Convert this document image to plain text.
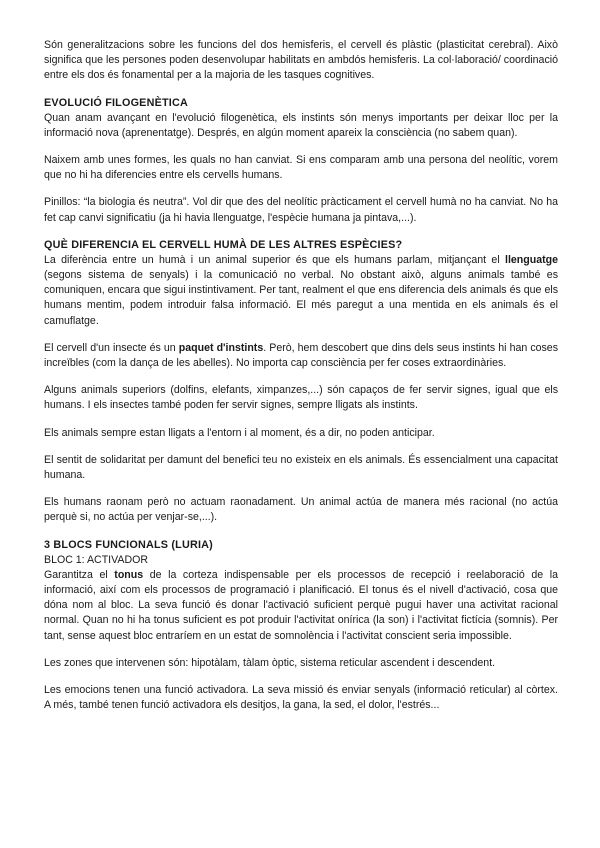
Són generalitzacions sobre les funcions del dos hemisferis, el cervell és plàstic (plasticitat cerebral). Això significa que les persones poden desenvolupar habilitats en ambdós hemisferis. La col·laboració/ coordinació entre els dos és fonamental per a la majoria de les tasques cognitives.

EVOLUCIÓ FILOGENÈTICA

Quan anam avançant en l'evolució filogenètica, els instints són menys importants per deixar lloc per la informació nova (aprenentatge). Després, en algún moment apareix la consciència (no sabem quan).

Naixem amb unes formes, les quals no han canviat. Si ens comparam amb una persona del neolític, vorem que no hi ha diferencies entre els cervells humans.

Pinillos: “la biologia és neutra”. Vol dir que des del neolític pràcticament el cervell humà no ha canviat. No ha fet cap canvi significatiu (ja hi havia llenguatge, l'espècie humana ja pintava,...).

QUÈ DIFERENCIA EL CERVELL HUMÀ DE LES ALTRES ESPÈCIES?

La diferència entre un humà i un animal superior és que els humans parlam, mitjançant el llenguatge (segons sistema de senyals) i la comunicació no verbal. No obstant això, alguns animals també es comuniquen, encara que sigui instintivament. Per tant, realment el que ens diferencia dels animals és que els humans mentim, podem introduir falsa informació. El més paregut a una mentida en els animals és el camuflatge.

El cervell d'un insecte és un paquet d'instints. Però, hem descobert que dins dels seus instints hi han coses increïbles (com la dança de les abelles). No importa cap consciència per fer coses extraordinàries.

Alguns animals superiors (dolfins, elefants, ximpanzes,...) són capaços de fer servir signes, igual que els humans. I els insectes també poden fer servir signes, sempre lligats als instints.

Els animals sempre estan lligats a l'entorn i al moment, és a dir, no poden anticipar.

El sentit de solidaritat per damunt del benefici teu no existeix en els animals. És essencialment una capacitat humana.

Els humans raonam però no actuam raonadament. Un animal actúa de manera més racional (no actúa perquè si, no actúa per venjar-se,...).

3 BLOCS FUNCIONALS (LURIA)

BLOC 1: ACTIVADOR

Garantitza el tonus de la corteza indispensable per els processos de recepció i reelaboració de la informació, així com els processos de programació i planificació. El tonus és el nivell d'activació, cosa que dóna nom al bloc. La seva funció és donar l'activació suficient perquè pugui haver una activitat racional normal. Quan no hi ha tonus suficient es pot produir l'activitat onírica (la son) i l'activitat fictícia (somnis). Per tant, sense aquest bloc entraríem en un estat de somnolència i l'activitat conscient seria impossible.

Les zones que intervenen són: hipotàlam, tàlam òptic, sistema reticular ascendent i descendent.

Les emocions tenen una funció activadora. La seva missió és enviar senyals (informació reticular) al còrtex. A més, també tenen funció activadora els desitjos, la gana, la sed, el dolor, l'estrés...
